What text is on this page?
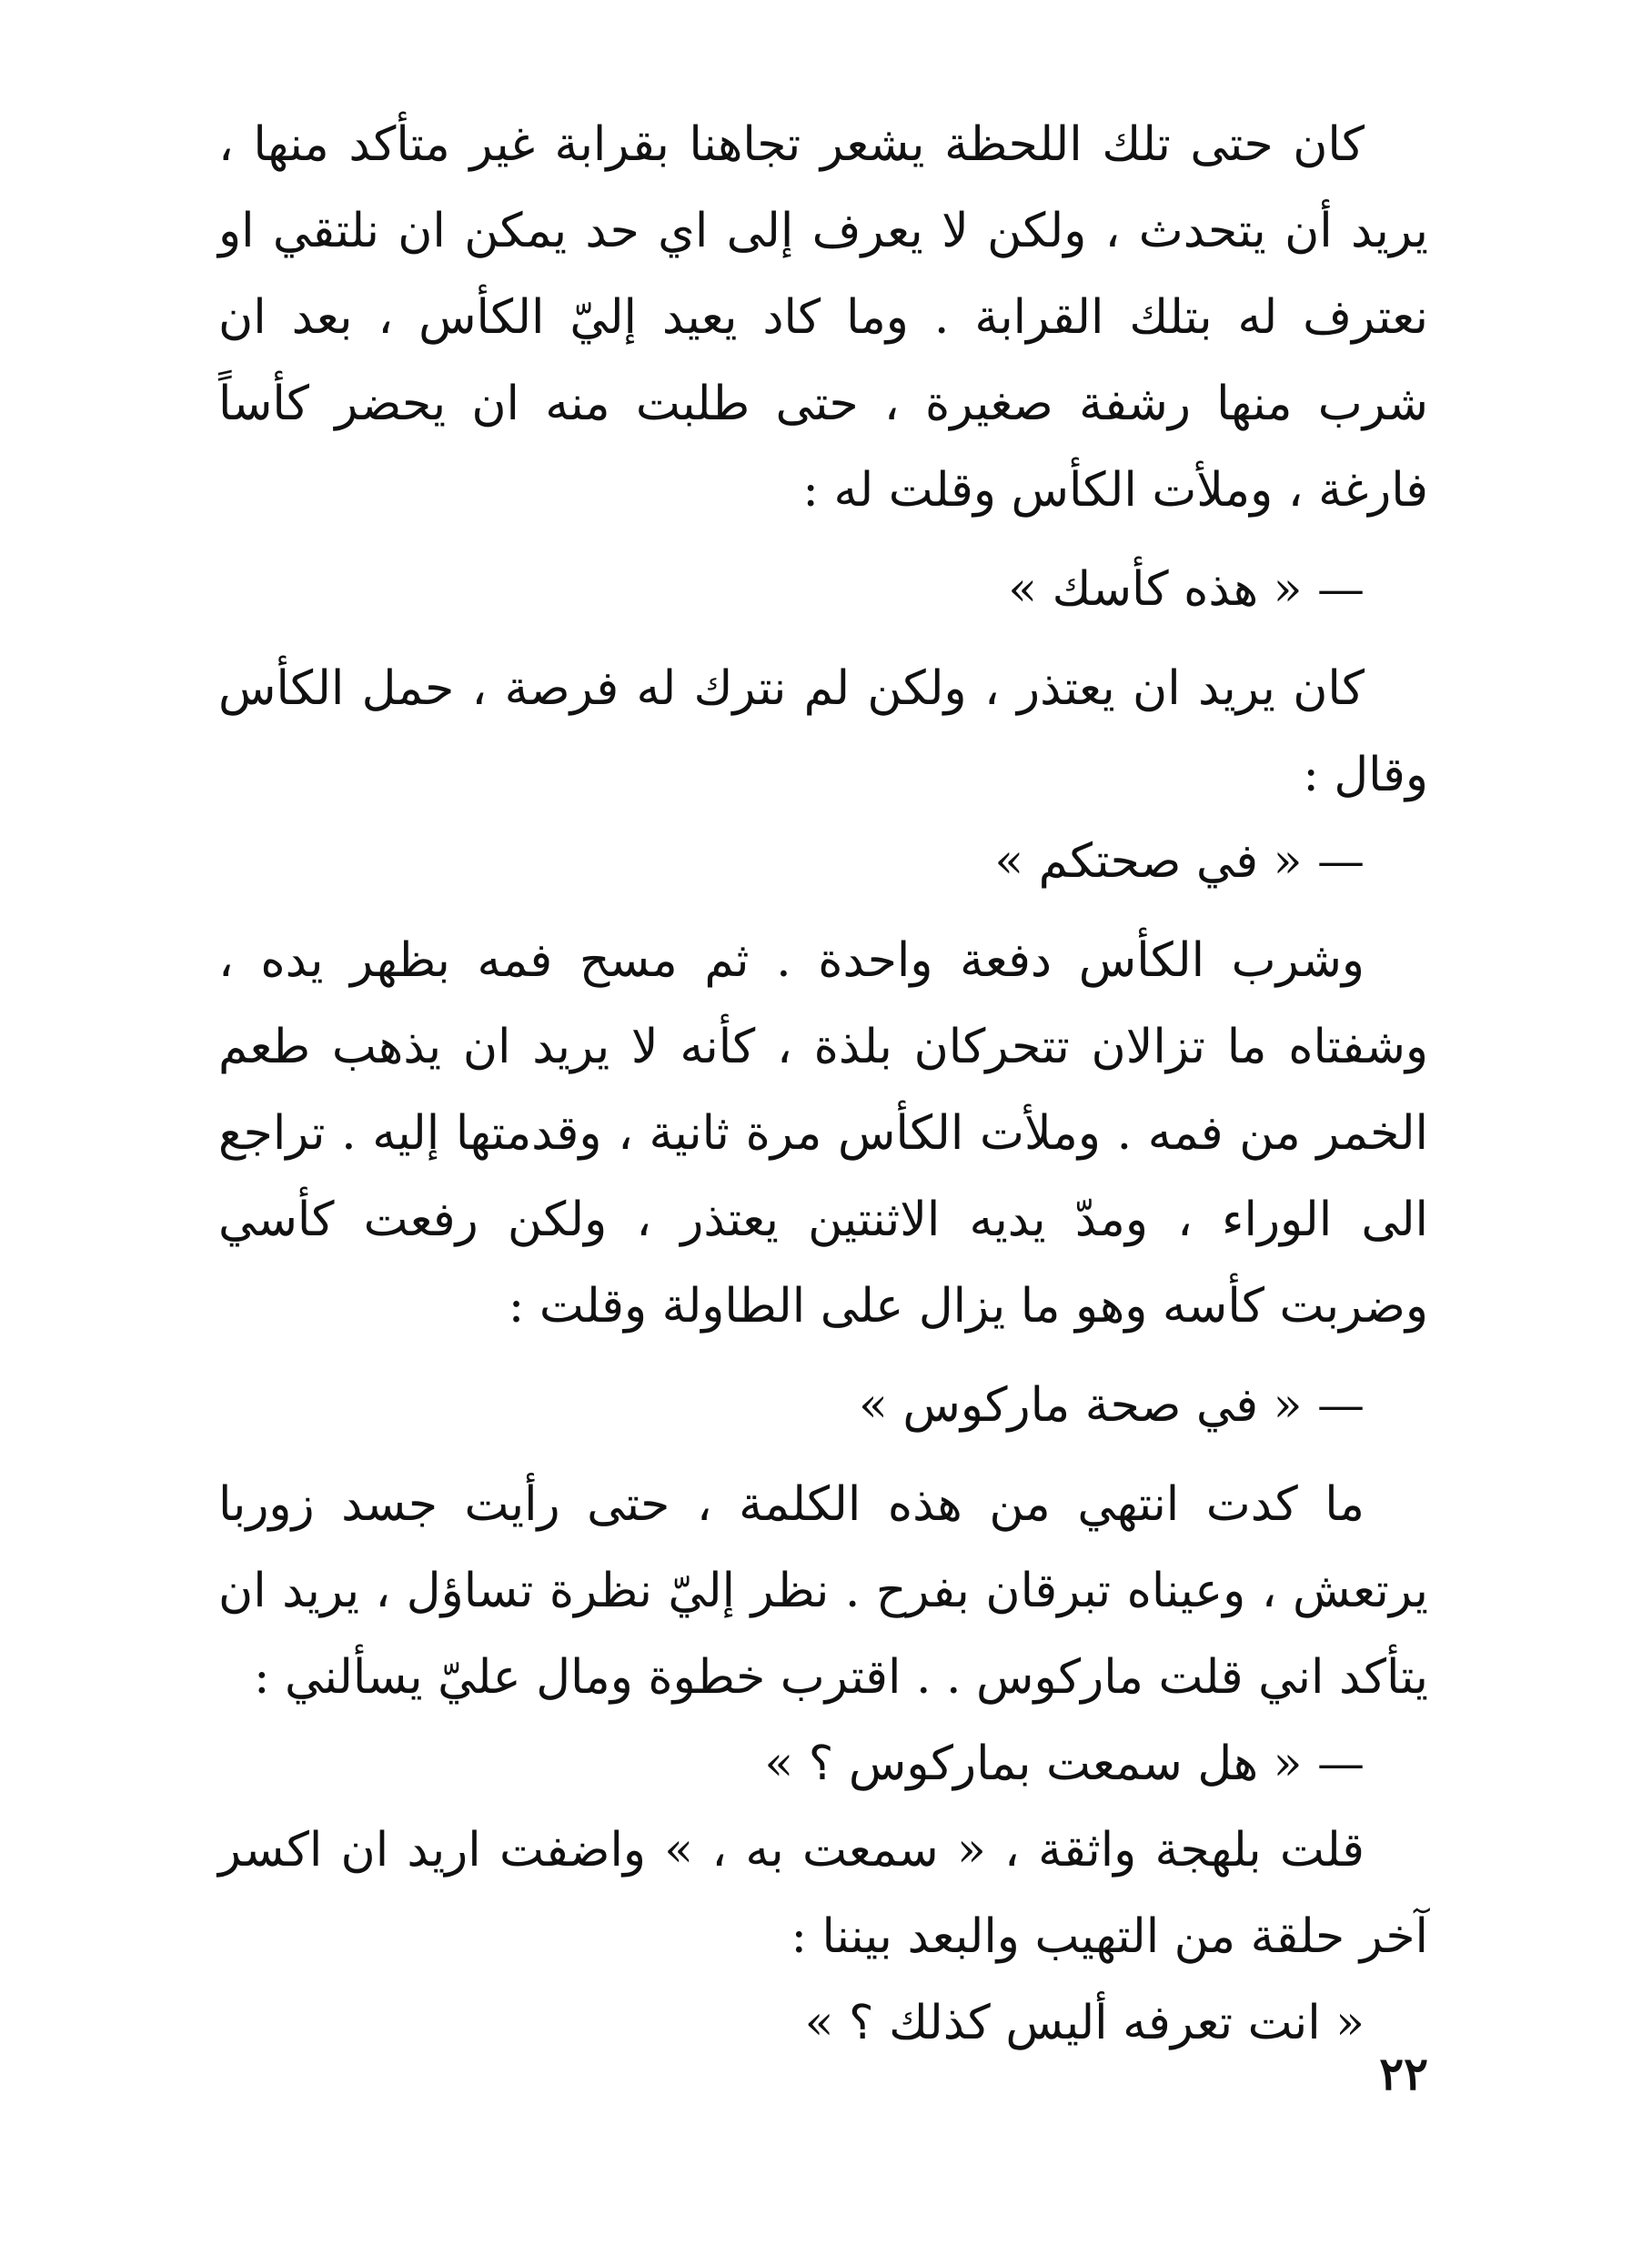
كان حتى تلك اللحظة يشعر تجاهنا بقرابة غير متأكد منها ، يريد أن يتحدث ، ولكن لا يعرف إلى اي حد يمكن ان نلتقي او نعترف له بتلك القرابة . وما كاد يعيد إليّ الكأس ، بعد ان شرب منها رشفة صغيرة ، حتى طلبت منه ان يحضر كأساً فارغة ، وملأت الكأس وقلت له :

— « هذه كأسك »

كان يريد ان يعتذر ، ولكن لم نترك له فرصة ، حمل الكأس وقال :

— « في صحتكم »

وشرب الكأس دفعة واحدة . ثم مسح فمه بظهر يده ، وشفتاه ما تزالان تتحركان بلذة ، كأنه لا يريد ان يذهب طعم الخمر من فمه . وملأت الكأس مرة ثانية ، وقدمتها إليه . تراجع الى الوراء ، ومدّ يديه الاثنتين يعتذر ، ولكن رفعت كأسي وضربت كأسه وهو ما يزال على الطاولة وقلت :

— « في صحة ماركوس »

ما كدت انتهي من هذه الكلمة ، حتى رأيت جسد زوربا يرتعش ، وعيناه تبرقان بفرح . نظر إليّ نظرة تساؤل ، يريد ان يتأكد اني قلت ماركوس . . اقترب خطوة ومال عليّ يسألني :

— « هل سمعت بماركوس ؟ »

قلت بلهجة واثقة ، « سمعت به ، » واضفت اريد ان اكسر آخر حلقة من التهيب والبعد بيننا :

« انت تعرفه أليس كذلك ؟ »

٢٢
